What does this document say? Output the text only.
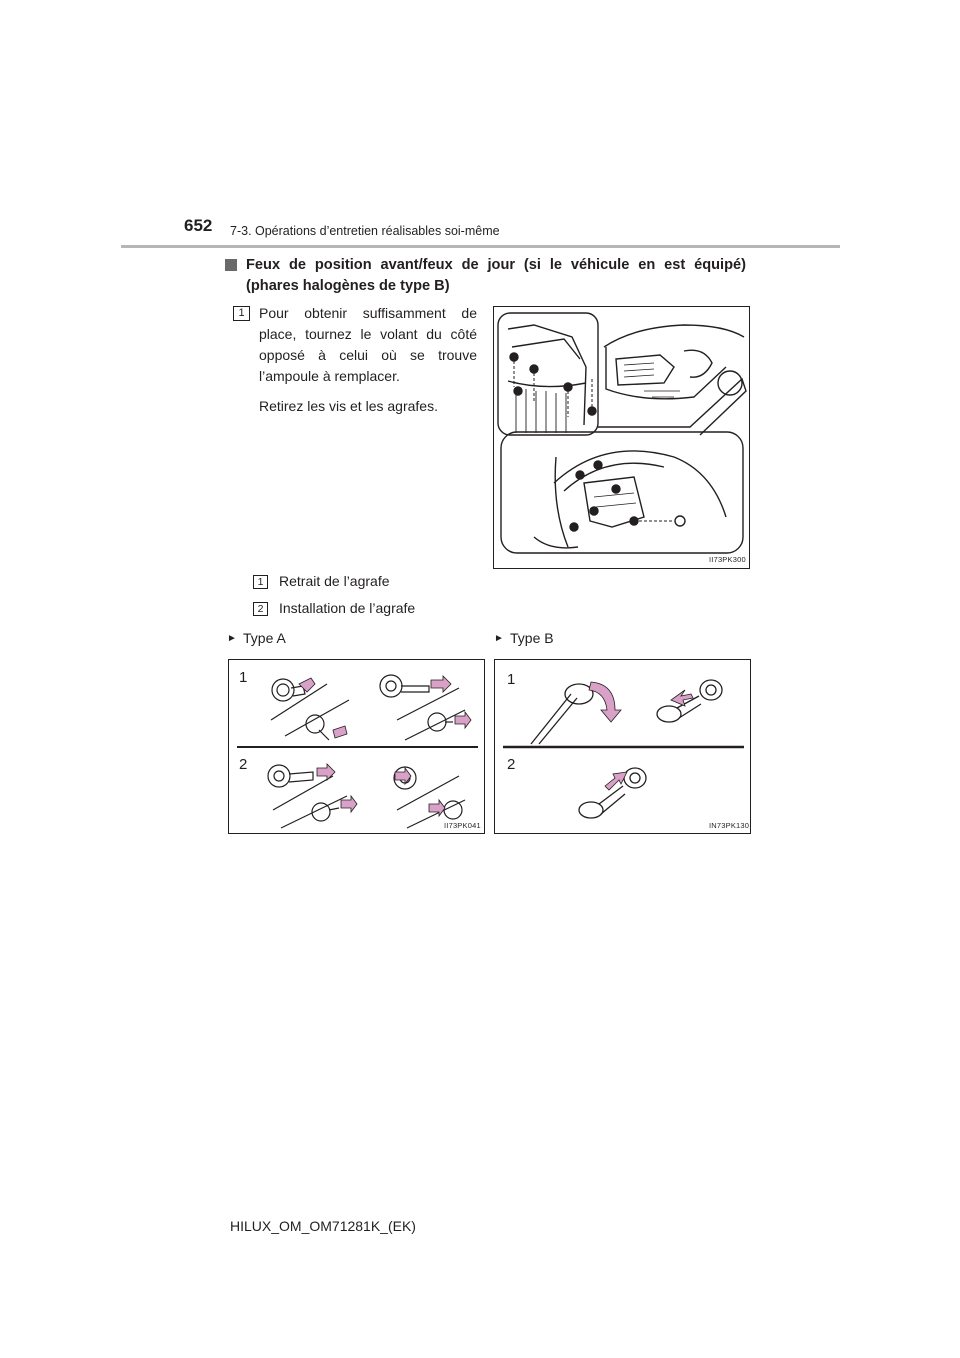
652 7-3. Opérations d’entretien réalisables soi-même
Feux de position avant/feux de jour (si le véhicule en est équipé) (phares halogènes de type B)
1	Pour obtenir suffisamment de place, tournez le volant du côté opposé à celui où se trouve l’ampoule à remplacer.

Retirez les vis et les agrafes.

II73PK300
1	Retrait de l’agrafe
2	Installation de l’agrafe
► Type A	► Type B
1
2
II73PK041
1
2
IN73PK130
HILUX_OM_OM71281K_(EK)
